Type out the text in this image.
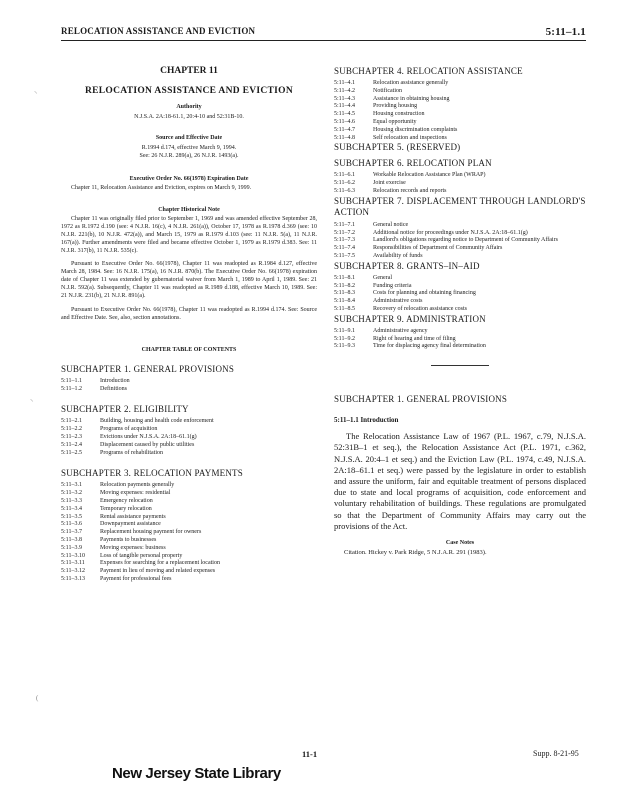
RELOCATION ASSISTANCE AND EVICTION	5:11–1.1
⸌
⸌
(

CHAPTER 11

RELOCATION ASSISTANCE AND EVICTION

Authority

N.J.S.A. 2A:18-61.1, 20:4-10 and 52:31B-10.

Source and Effective Date

R.1994 d.174, effective March 9, 1994.

See: 26 N.J.R. 289(a), 26 N.J.R. 1493(a).

Executive Order No. 66(1978) Expiration Date

Chapter 11, Relocation Assistance and Eviction, expires on March 9, 1999.

Chapter Historical Note

Chapter 11 was originally filed prior to September 1, 1969 and was amended effective September 28, 1972 as R.1972 d.190 (see: 4 N.J.R. 16(c), 4 N.J.R. 261(a)), October 17, 1978 as R.1978 d.369 (see: 10 N.J.R. 221(b), 10 N.J.R. 472(a)), and March 15, 1979 as R.1979 d.103 (see: 11 N.J.R. 5(a), 11 N.J.R. 167(a)). Further amendments were filed and became effective October 1, 1979 as R.1979 d.383. See: 11 N.J.R. 317(b), 11 N.J.R. 535(c).

Pursuant to Executive Order No. 66(1978), Chapter 11 was readopted as R.1984 d.127, effective March 28, 1984. See: 16 N.J.R. 175(a), 16 N.J.R. 870(b). The Executive Order No. 66(1978) expiration date of Chapter 11 was extended by gubernatorial waiver from March 1, 1989 to April 1, 1989. See: 21 N.J.R. 592(a). Subsequently, Chapter 11 was readopted as R.1989 d.188, effective March 10, 1989. See: 21 N.J.R. 231(b), 21 N.J.R. 891(a).

Pursuant to Executive Order No. 66(1978), Chapter 11 was readopted as R.1994 d.174. See: Source and Effective Date. See, also, section annotations.

CHAPTER TABLE OF CONTENTS

SUBCHAPTER 1. GENERAL PROVISIONS
5:11–1.1	Introduction
5:11–1.2	Definitions
SUBCHAPTER 2. ELIGIBILITY
5:11–2.1	Building, housing and health code enforcement
5:11–2.2	Programs of acquisition
5:11–2.3	Evictions under N.J.S.A. 2A:18–61.1(g)
5:11–2.4	Displacement caused by public utilities
5:11–2.5	Programs of rehabilitation
SUBCHAPTER 3. RELOCATION PAYMENTS
5:11–3.1	Relocation payments generally
5:11–3.2	Moving expenses: residential
5:11–3.3	Emergency relocation
5:11–3.4	Temporary relocation
5:11–3.5	Rental assistance payments
5:11–3.6	Downpayment assistance
5:11–3.7	Replacement housing payment for owners
5:11–3.8	Payments to businesses
5:11–3.9	Moving expenses: business
5:11–3.10	Loss of tangible personal property
5:11–3.11	Expenses for searching for a replacement location
5:11–3.12	Payment in lieu of moving and related expenses
5:11–3.13	Payment for professional fees
SUBCHAPTER 4. RELOCATION ASSISTANCE
5:11–4.1	Relocation assistance generally
5:11–4.2	Notification
5:11–4.3	Assistance in obtaining housing
5:11–4.4	Providing housing
5:11–4.5	Housing construction
5:11–4.6	Equal opportunity
5:11–4.7	Housing discrimination complaints
5:11–4.8	Self relocation and inspections
SUBCHAPTER 5. (RESERVED)
SUBCHAPTER 6. RELOCATION PLAN
5:11–6.1	Workable Relocation Assistance Plan (WRAP)
5:11–6.2	Joint exercise
5:11–6.3	Relocation records and reports
SUBCHAPTER 7. DISPLACEMENT THROUGH LANDLORD'S ACTION
5:11–7.1	General notice
5:11–7.2	Additional notice for proceedings under N.J.S.A. 2A:18–61.1(g)
5:11–7.3	Landlord's obligations regarding notice to Department of Community Affairs
5:11–7.4	Responsibilities of Department of Community Affairs
5:11–7.5	Availability of funds
SUBCHAPTER 8. GRANTS–IN–AID
5:11–8.1	General
5:11–8.2	Funding criteria
5:11–8.3	Costs for planning and obtaining financing
5:11–8.4	Administrative costs
5:11–8.5	Recovery of relocation assistance costs
SUBCHAPTER 9. ADMINISTRATION
5:11–9.1	Administrative agency
5:11–9.2	Right of hearing and time of filing
5:11–9.3	Time for displacing agency final determination
SUBCHAPTER 1. GENERAL PROVISIONS
5:11–1.1 Introduction

The Relocation Assistance Law of 1967 (P.L. 1967, c.79, N.J.S.A. 52:31B–1 et seq.), the Relocation Assistance Act (P.L. 1971, c.362, N.J.S.A. 20:4–1 et seq.) and the Eviction Law (P.L. 1974, c.49, N.J.S.A. 2A:18–61.1 et seq.) were passed by the legislature in order to establish and assure the uniform, fair and equitable treatment of persons displaced due to state and local programs of acquisition, code enforcement and voluntary rehabilitation of buildings. These regulations are promulgated so that the Department of Community Affairs may carry out the provisions of the Act.

Case Notes

Citation. Hickey v. Park Ridge, 5 N.J.A.R. 291 (1983).

11-1	Supp. 8-21-95
New Jersey State Library
